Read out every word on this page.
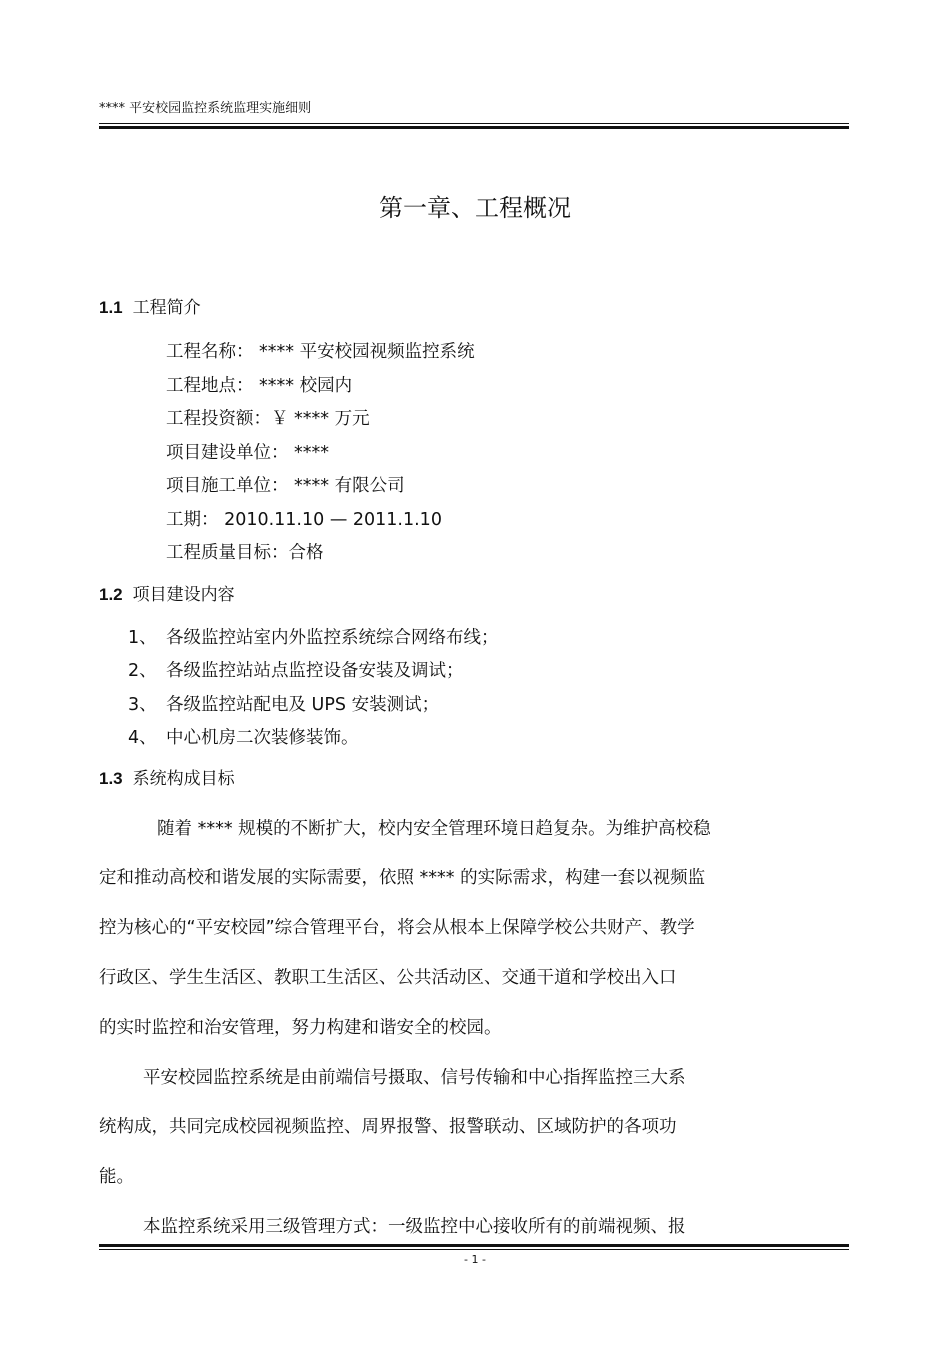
**** 平安校园监控系统监理实施细则
第一章、工程概况
1.1 工程简介
工程名称： **** 平安校园视频监控系统
工程地点： **** 校园内
工程投资额：￥ **** 万元
项目建设单位： ****
项目施工单位： **** 有限公司
工期： 2010.11.10 — 2011.1.10
工程质量目标：合格
1.2 项目建设内容
1、 各级监控站室内外监控系统综合网络布线；
2、 各级监控站站点监控设备安装及调试；
3、 各级监控站配电及 UPS 安装测试；
4、 中心机房二次装修装饰。
1.3 系统构成目标
随着 **** 规模的不断扩大，校内安全管理环境日趋复杂。为维护高校稳
定和推动高校和谐发展的实际需要，依照 **** 的实际需求，构建一套以视频监
控为核心的“平安校园”综合管理平台，将会从根本上保障学校公共财产、教学
行政区、学生生活区、教职工生活区、公共活动区、交通干道和学校出入口
的实时监控和治安管理，努力构建和谐安全的校园。
平安校园监控系统是由前端信号摄取、信号传输和中心指挥监控三大系
统构成，共同完成校园视频监控、周界报警、报警联动、区域防护的各项功
能。
本监控系统采用三级管理方式：一级监控中心接收所有的前端视频、报
- 1 -
